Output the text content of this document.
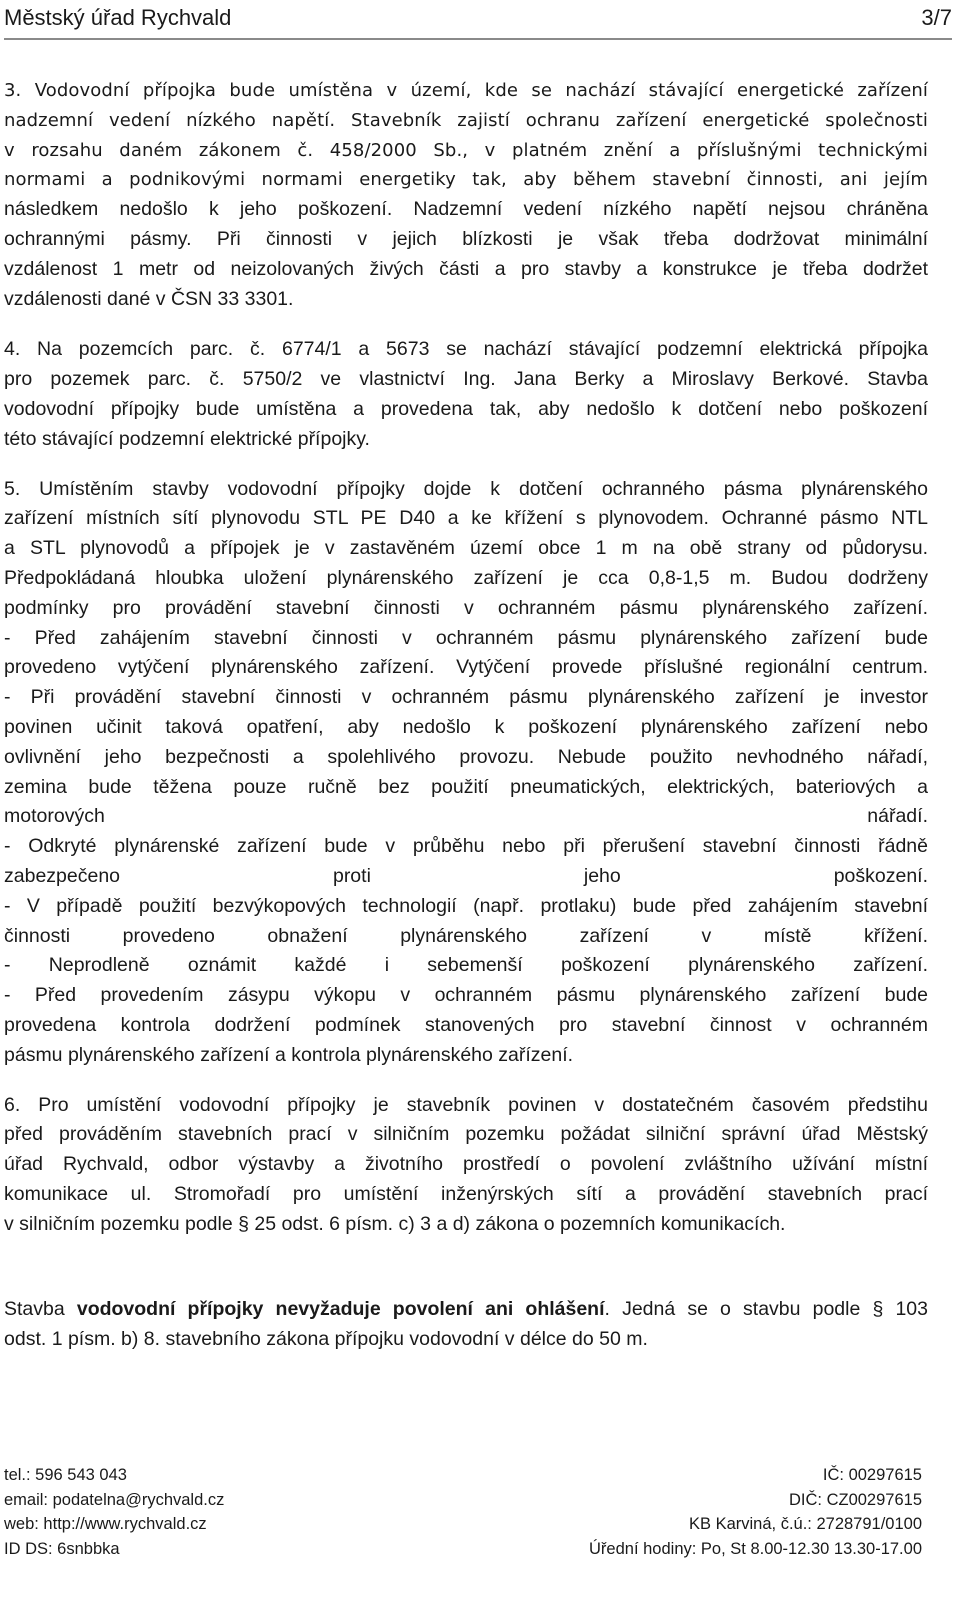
Městský úřad Rychvald	3/7

3. Vodovodní přípojka bude umístěna v území, kde se nachází stávající energetické zařízení
nadzemní vedení nízkého napětí. Stavebník zajistí ochranu zařízení energetické společnosti
v rozsahu daném zákonem č. 458/2000 Sb., v platném znění a příslušnými technickými
normami a podnikovými normami energetiky tak, aby během stavební činnosti, ani jejím
následkem nedošlo k jeho poškození. Nadzemní vedení nízkého napětí nejsou chráněna
ochrannými pásmy. Při činnosti v jejich blízkosti je však třeba dodržovat minimální
vzdálenost 1 metr od neizolovaných živých části a pro stavby a konstrukce je třeba dodržet
vzdálenosti dané v ČSN 33 3301.

4. Na pozemcích parc. č. 6774/1 a 5673 se nachází stávající podzemní elektrická přípojka
pro pozemek parc. č. 5750/2 ve vlastnictví Ing. Jana Berky a Miroslavy Berkové. Stavba
vodovodní přípojky bude umístěna a provedena tak, aby nedošlo k dotčení nebo poškození
této stávající podzemní elektrické přípojky.

5. Umístěním stavby vodovodní přípojky dojde k dotčení ochranného pásma plynárenského
zařízení místních sítí plynovodu STL PE D40 a ke křížení s plynovodem. Ochranné pásmo NTL
a STL plynovodů a přípojek je v zastavěném území obce 1 m na obě strany od půdorysu.
Předpokládaná hloubka uložení plynárenského zařízení je cca 0,8-1,5 m. Budou dodrženy
podmínky pro provádění stavební činnosti v ochranném pásmu plynárenského zařízení.
- Před zahájením stavební činnosti v ochranném pásmu plynárenského zařízení bude
provedeno vytýčení plynárenského zařízení. Vytýčení provede příslušné regionální centrum.
- Při provádění stavební činnosti v ochranném pásmu plynárenského zařízení je investor
povinen učinit taková opatření, aby nedošlo k poškození plynárenského zařízení nebo
ovlivnění jeho bezpečnosti a spolehlivého provozu. Nebude použito nevhodného nářadí,
zemina bude těžena pouze ručně bez použití pneumatických, elektrických, bateriových a
motorových nářadí.
- Odkryté plynárenské zařízení bude v průběhu nebo při přerušení stavební činnosti řádně
zabezpečeno proti jeho poškození.
- V případě použití bezvýkopových technologií (např. protlaku) bude před zahájením stavební
činnosti provedeno obnažení plynárenského zařízení v místě křížení.
- Neprodleně oznámit každé i sebemenší poškození plynárenského zařízení.
- Před provedením zásypu výkopu v ochranném pásmu plynárenského zařízení bude
provedena kontrola dodržení podmínek stanovených pro stavební činnost v ochranném
pásmu plynárenského zařízení a kontrola plynárenského zařízení.

6. Pro umístění vodovodní přípojky je stavebník povinen v dostatečném časovém předstihu
před prováděním stavebních prací v silničním pozemku požádat silniční správní úřad Městský
úřad Rychvald, odbor výstavby a životního prostředí o povolení zvláštního užívání místní
komunikace ul. Stromořadí pro umístění inženýrských sítí a provádění stavebních prací
v silničním pozemku podle § 25 odst. 6 písm. c) 3 a d) zákona o pozemních komunikacích.

Stavba vodovodní přípojky nevyžaduje povolení ani ohlášení. Jedná se o stavbu podle § 103
odst. 1 písm. b) 8. stavebního zákona přípojku vodovodní v délce do 50 m.

tel.: 596 543 043	IČ: 00297615
email: podatelna@rychvald.cz	DIČ: CZ00297615
web: http://www.rychvald.cz	KB Karviná, č.ú.: 2728791/0100
ID DS: 6snbbka	Úřední hodiny: Po, St 8.00-12.30 13.30-17.00
